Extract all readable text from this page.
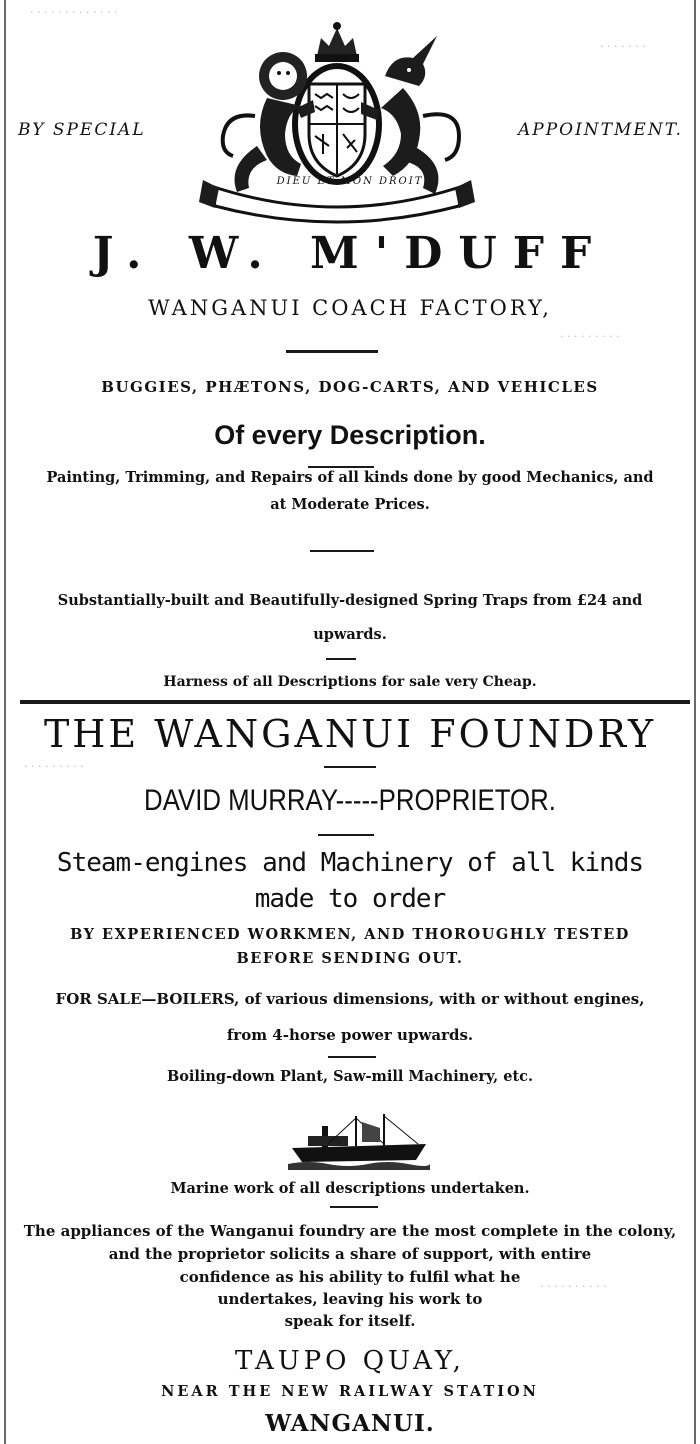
· · · · · · · · · · · · ·
· · · · · · ·
· · · · · · · · ·
· · · · · · · · ·
· · · · · · · · · ·
BY SPECIAL	APPOINTMENT.
DIEU ET MON DROIT
J. W. M'DUFF
WANGANUI COACH FACTORY,
BUGGIES, PHÆTONS, DOG-CARTS, AND VEHICLES
Of every Description.
Painting, Trimming, and Repairs of all kinds done by good Mechanics, and
at Moderate Prices.
Substantially-built and Beautifully-designed Spring Traps from £24 and
upwards.
Harness of all Descriptions for sale very Cheap.
THE WANGANUI FOUNDRY
DAVID MURRAY-----PROPRIETOR.
Steam-engines and Machinery of all kinds
made to order
BY EXPERIENCED WORKMEN, AND THOROUGHLY TESTED
BEFORE SENDING OUT.
FOR SALE—BOILERS, of various dimensions, with or without engines,
from 4-horse power upwards.
Boiling-down Plant, Saw-mill Machinery, etc.
Marine work of all descriptions undertaken.
The appliances of the Wanganui foundry are the most complete in the colony,
and the proprietor solicits a share of support, with entire
confidence as his ability to fulfil what he
undertakes, leaving his work to
speak for itself.
TAUPO QUAY,
NEAR THE NEW RAILWAY STATION
WANGANUI.
